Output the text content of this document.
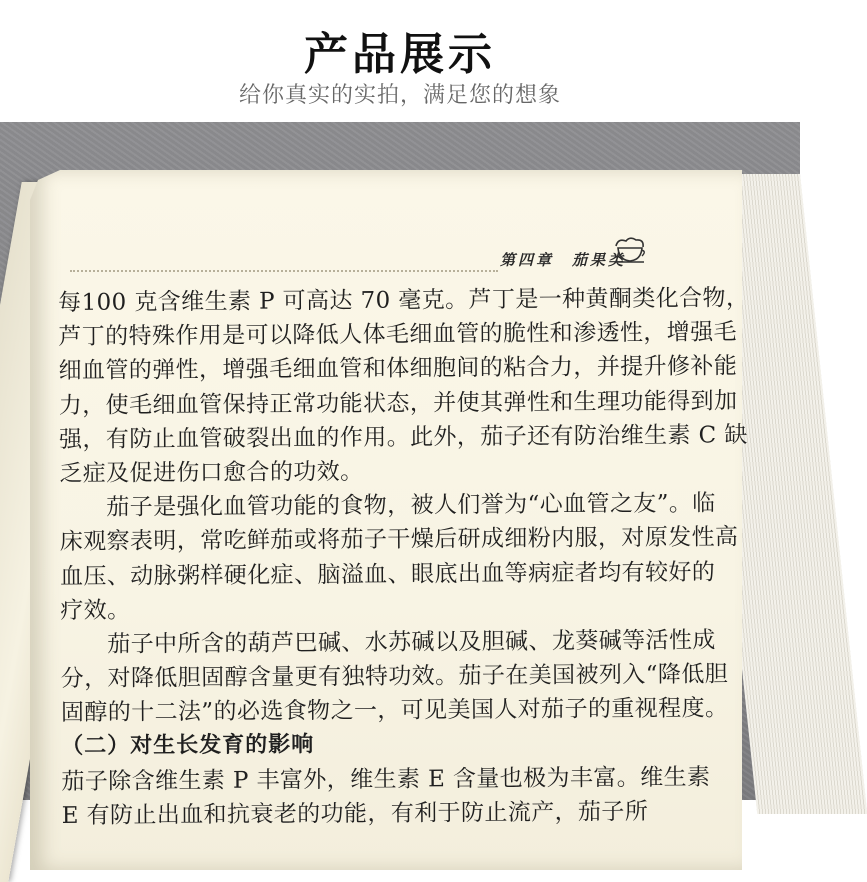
产品展示
给你真实的实拍，满足您的想象
第四章　茄果类
每100 克含维生素 P 可高达 70 毫克。芦丁是一种黄酮类化合物，
芦丁的特殊作用是可以降低人体毛细血管的脆性和渗透性，增强毛
细血管的弹性，增强毛细血管和体细胞间的粘合力，并提升修补能
力，使毛细血管保持正常功能状态，并使其弹性和生理功能得到加
强，有防止血管破裂出血的作用。此外，茄子还有防治维生素 C 缺
乏症及促进伤口愈合的功效。
　　茄子是强化血管功能的食物，被人们誉为“心血管之友”。临
床观察表明，常吃鲜茄或将茄子干燥后研成细粉内服，对原发性高
血压、动脉粥样硬化症、脑溢血、眼底出血等病症者均有较好的
疗效。
　　茄子中所含的葫芦巴碱、水苏碱以及胆碱、龙葵碱等活性成
分，对降低胆固醇含量更有独特功效。茄子在美国被列入“降低胆
固醇的十二法”的必选食物之一，可见美国人对茄子的重视程度。
（二）对生长发育的影响
茄子除含维生素 P 丰富外，维生素 E 含量也极为丰富。维生素
E 有防止出血和抗衰老的功能，有利于防止流产，茄子所
